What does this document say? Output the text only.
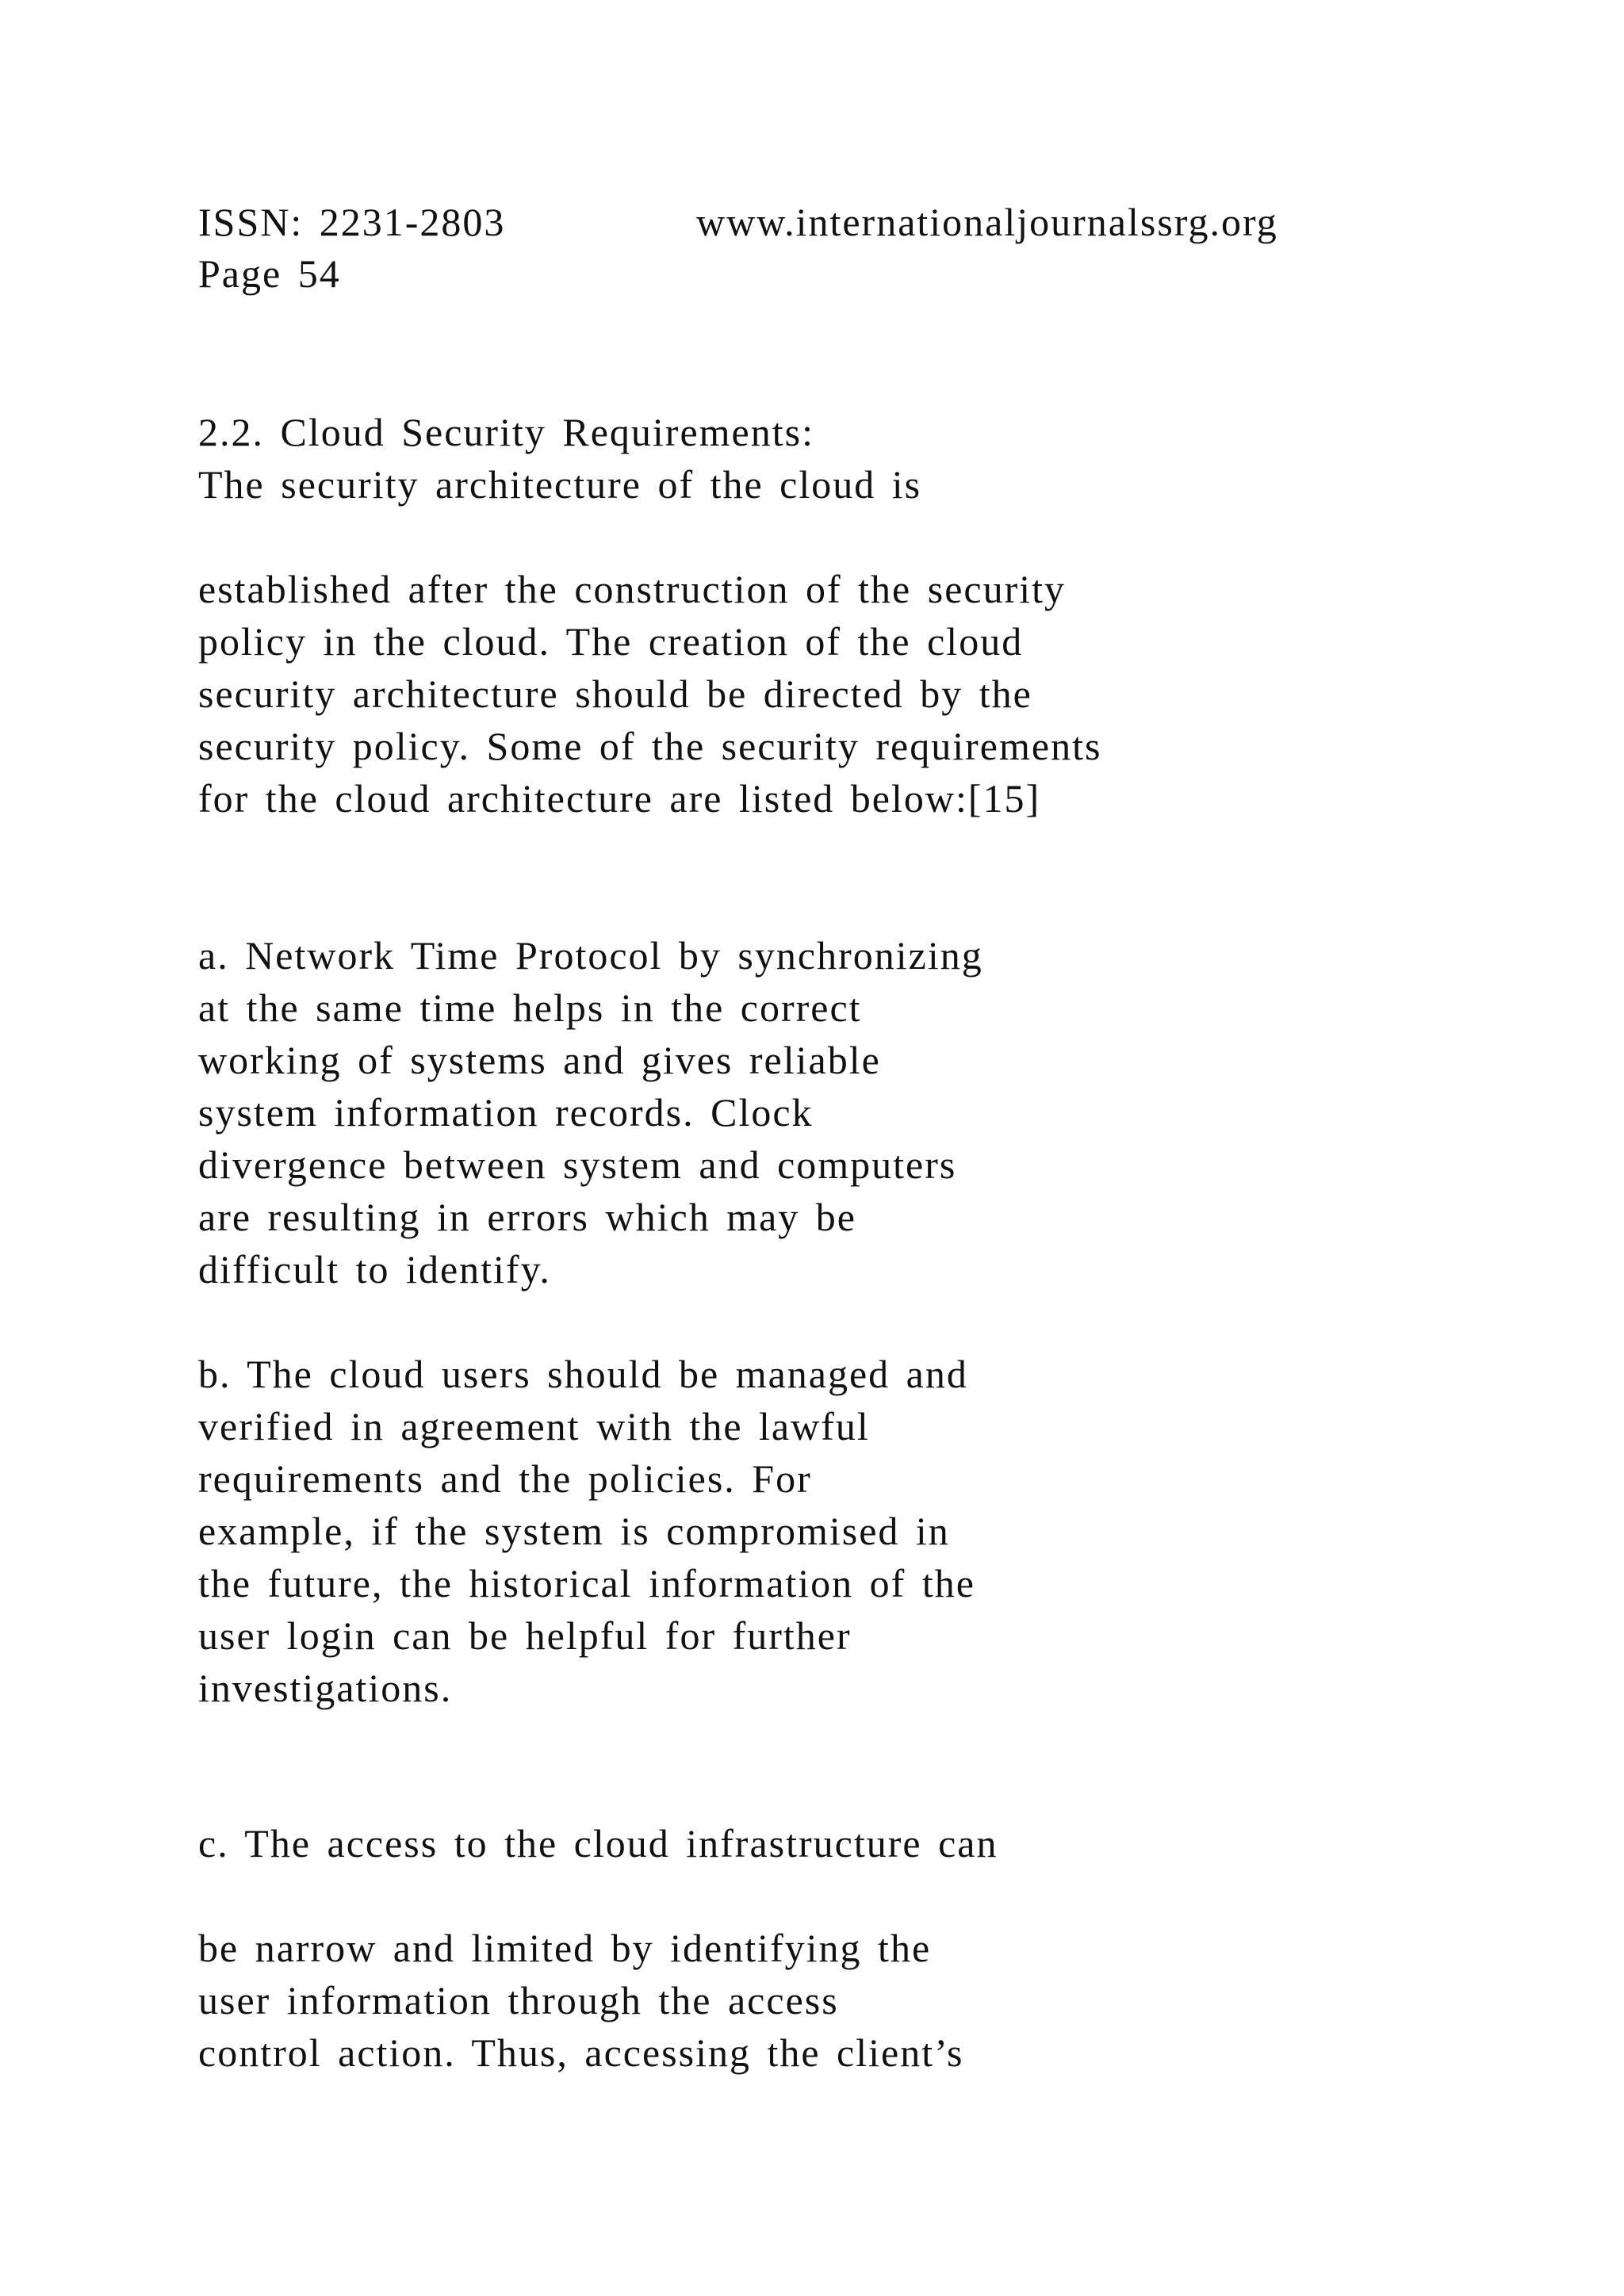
ISSN: 2231-2803	www.internationaljournalssrg.org
Page 54
2.2. Cloud Security Requirements:
The security architecture of the cloud is
established after the construction of the security
policy in the cloud. The creation of the cloud
security architecture should be directed by the
security policy. Some of the security requirements
for the cloud architecture are listed below:[15]
a. Network Time Protocol by synchronizing
at the same time helps in the correct
working of systems and gives reliable
system information records. Clock
divergence between system and computers
are resulting in errors which may be
difficult to identify.
b. The cloud users should be managed and
verified in agreement with the lawful
requirements and the policies. For
example, if the system is compromised in
the future, the historical information of the
user login can be helpful for further
investigations.
c. The access to the cloud infrastructure can
be narrow and limited by identifying the
user information through the access
control action. Thus, accessing the client’s
